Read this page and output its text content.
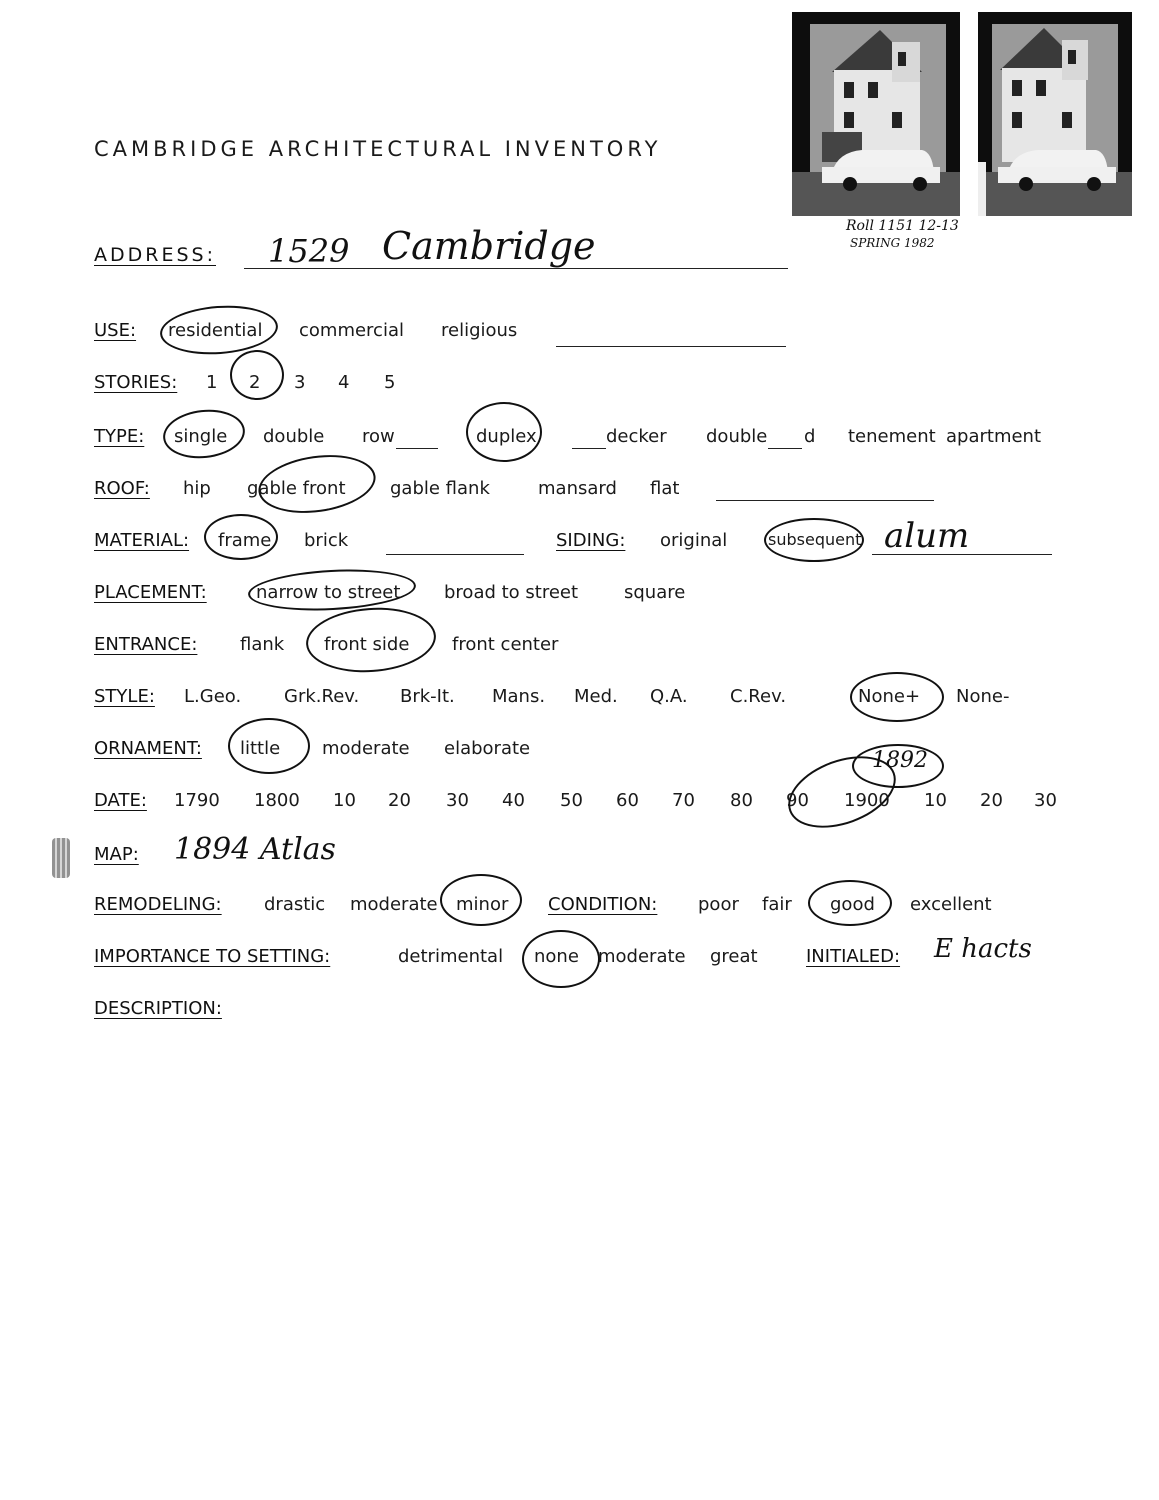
CAMBRIDGE ARCHITECTURAL INVENTORY
Roll 1151 12-13
SPRING 1982
ADDRESS: 1529 Cambridge
USE: residential commercial religious
STORIES: 1 2 3 4 5
TYPE: single double row	duplex	decker double d tenement apartment
ROOF: hip gable front gable flank	mansard flat
MATERIAL: frame brick	SIDING: original	subsequent alum
PLACEMENT:	narrow to street broad to street	square
ENTRANCE: flank front side front center
STYLE: L.Geo. Grk.Rev. Brk-It. Mans. Med. Q.A. C.Rev.	None+ None-
ORNAMENT: little moderate elaborate
DATE: 1790 1800 10 20 30 40 50 60 70 80 90 1900 10 20 30
1892
MAP: 1894 Atlas
REMODELING: drastic moderate minor CONDITION: poor fair good excellent
IMPORTANCE TO SETTING:	detrimental none moderate great	INITIALED: E hacts
DESCRIPTION:
